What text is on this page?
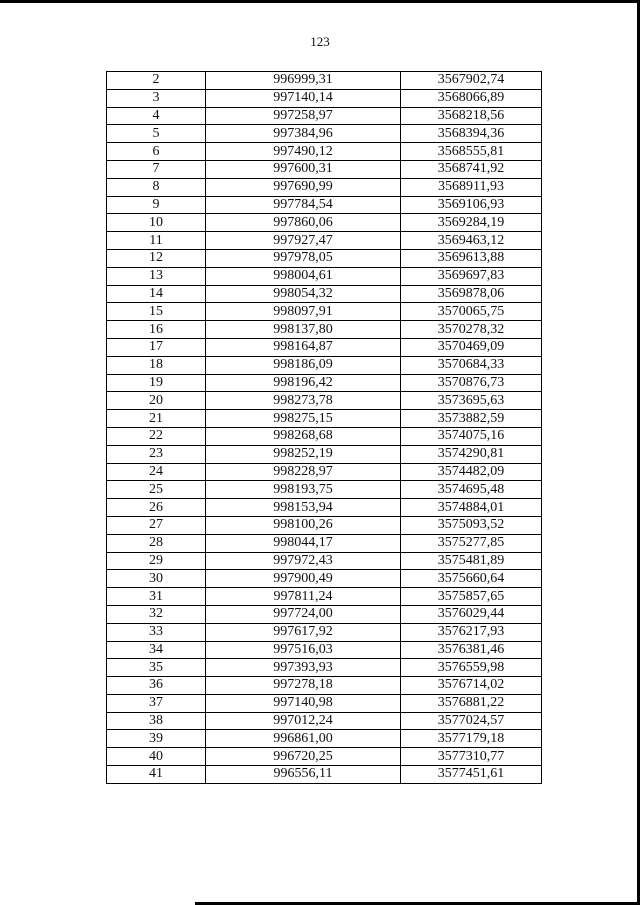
123
2	996999,31	3567902,74
3	997140,14	3568066,89
4	997258,97	3568218,56
5	997384,96	3568394,36
6	997490,12	3568555,81
7	997600,31	3568741,92
8	997690,99	3568911,93
9	997784,54	3569106,93
10	997860,06	3569284,19
11	997927,47	3569463,12
12	997978,05	3569613,88
13	998004,61	3569697,83
14	998054,32	3569878,06
15	998097,91	3570065,75
16	998137,80	3570278,32
17	998164,87	3570469,09
18	998186,09	3570684,33
19	998196,42	3570876,73
20	998273,78	3573695,63
21	998275,15	3573882,59
22	998268,68	3574075,16
23	998252,19	3574290,81
24	998228,97	3574482,09
25	998193,75	3574695,48
26	998153,94	3574884,01
27	998100,26	3575093,52
28	998044,17	3575277,85
29	997972,43	3575481,89
30	997900,49	3575660,64
31	997811,24	3575857,65
32	997724,00	3576029,44
33	997617,92	3576217,93
34	997516,03	3576381,46
35	997393,93	3576559,98
36	997278,18	3576714,02
37	997140,98	3576881,22
38	997012,24	3577024,57
39	996861,00	3577179,18
40	996720,25	3577310,77
41	996556,11	3577451,61
